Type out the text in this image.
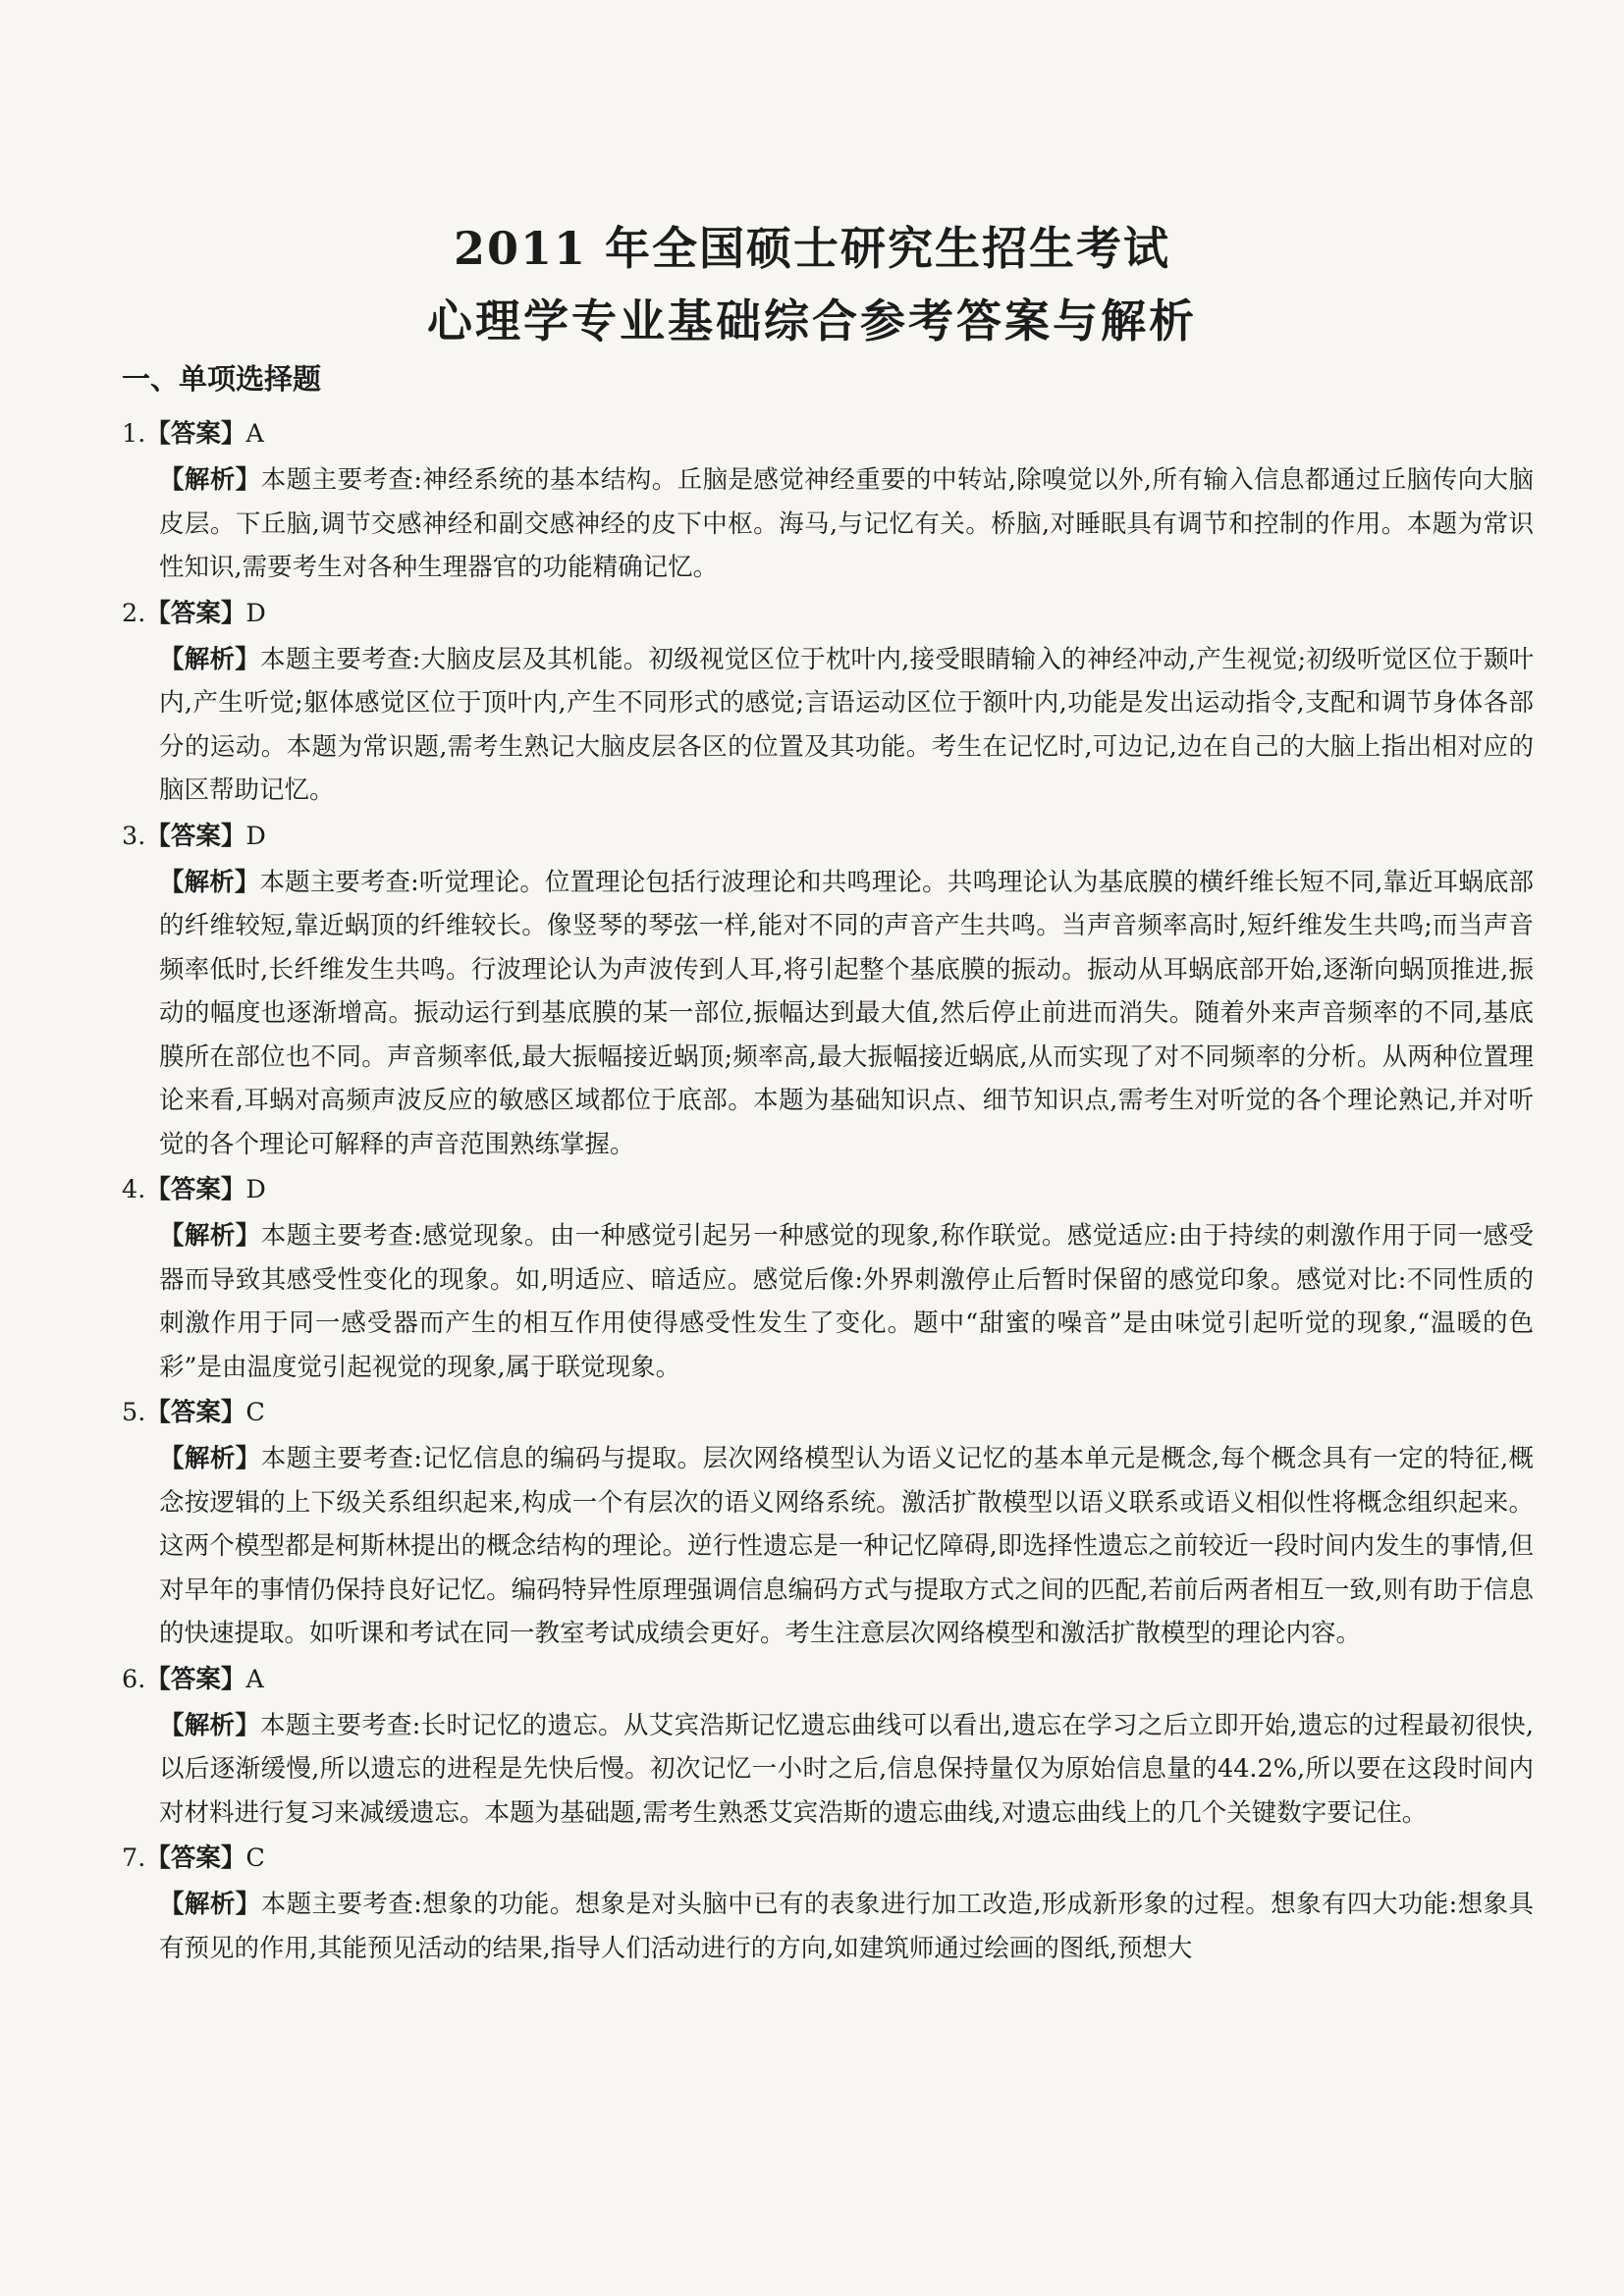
2011 年全国硕士研究生招生考试
心理学专业基础综合参考答案与解析
一、单项选择题

1.【答案】A

【解析】本题主要考查:神经系统的基本结构。丘脑是感觉神经重要的中转站,除嗅觉以外,所有输入信息都通过丘脑传向大脑皮层。下丘脑,调节交感神经和副交感神经的皮下中枢。海马,与记忆有关。桥脑,对睡眠具有调节和控制的作用。本题为常识性知识,需要考生对各种生理器官的功能精确记忆。

2.【答案】D

【解析】本题主要考查:大脑皮层及其机能。初级视觉区位于枕叶内,接受眼睛输入的神经冲动,产生视觉;初级听觉区位于颞叶内,产生听觉;躯体感觉区位于顶叶内,产生不同形式的感觉;言语运动区位于额叶内,功能是发出运动指令,支配和调节身体各部分的运动。本题为常识题,需考生熟记大脑皮层各区的位置及其功能。考生在记忆时,可边记,边在自己的大脑上指出相对应的脑区帮助记忆。

3.【答案】D

【解析】本题主要考查:听觉理论。位置理论包括行波理论和共鸣理论。共鸣理论认为基底膜的横纤维长短不同,靠近耳蜗底部的纤维较短,靠近蜗顶的纤维较长。像竖琴的琴弦一样,能对不同的声音产生共鸣。当声音频率高时,短纤维发生共鸣;而当声音频率低时,长纤维发生共鸣。行波理论认为声波传到人耳,将引起整个基底膜的振动。振动从耳蜗底部开始,逐渐向蜗顶推进,振动的幅度也逐渐增高。振动运行到基底膜的某一部位,振幅达到最大值,然后停止前进而消失。随着外来声音频率的不同,基底膜所在部位也不同。声音频率低,最大振幅接近蜗顶;频率高,最大振幅接近蜗底,从而实现了对不同频率的分析。从两种位置理论来看,耳蜗对高频声波反应的敏感区域都位于底部。本题为基础知识点、细节知识点,需考生对听觉的各个理论熟记,并对听觉的各个理论可解释的声音范围熟练掌握。

4.【答案】D

【解析】本题主要考查:感觉现象。由一种感觉引起另一种感觉的现象,称作联觉。感觉适应:由于持续的刺激作用于同一感受器而导致其感受性变化的现象。如,明适应、暗适应。感觉后像:外界刺激停止后暂时保留的感觉印象。感觉对比:不同性质的刺激作用于同一感受器而产生的相互作用使得感受性发生了变化。题中“甜蜜的噪音”是由味觉引起听觉的现象,“温暖的色彩”是由温度觉引起视觉的现象,属于联觉现象。

5.【答案】C

【解析】本题主要考查:记忆信息的编码与提取。层次网络模型认为语义记忆的基本单元是概念,每个概念具有一定的特征,概念按逻辑的上下级关系组织起来,构成一个有层次的语义网络系统。激活扩散模型以语义联系或语义相似性将概念组织起来。这两个模型都是柯斯林提出的概念结构的理论。逆行性遗忘是一种记忆障碍,即选择性遗忘之前较近一段时间内发生的事情,但对早年的事情仍保持良好记忆。编码特异性原理强调信息编码方式与提取方式之间的匹配,若前后两者相互一致,则有助于信息的快速提取。如听课和考试在同一教室考试成绩会更好。考生注意层次网络模型和激活扩散模型的理论内容。

6.【答案】A

【解析】本题主要考查:长时记忆的遗忘。从艾宾浩斯记忆遗忘曲线可以看出,遗忘在学习之后立即开始,遗忘的过程最初很快,以后逐渐缓慢,所以遗忘的进程是先快后慢。初次记忆一小时之后,信息保持量仅为原始信息量的44.2%,所以要在这段时间内对材料进行复习来减缓遗忘。本题为基础题,需考生熟悉艾宾浩斯的遗忘曲线,对遗忘曲线上的几个关键数字要记住。

7.【答案】C

【解析】本题主要考查:想象的功能。想象是对头脑中已有的表象进行加工改造,形成新形象的过程。想象有四大功能:想象具有预见的作用,其能预见活动的结果,指导人们活动进行的方向,如建筑师通过绘画的图纸,预想大
